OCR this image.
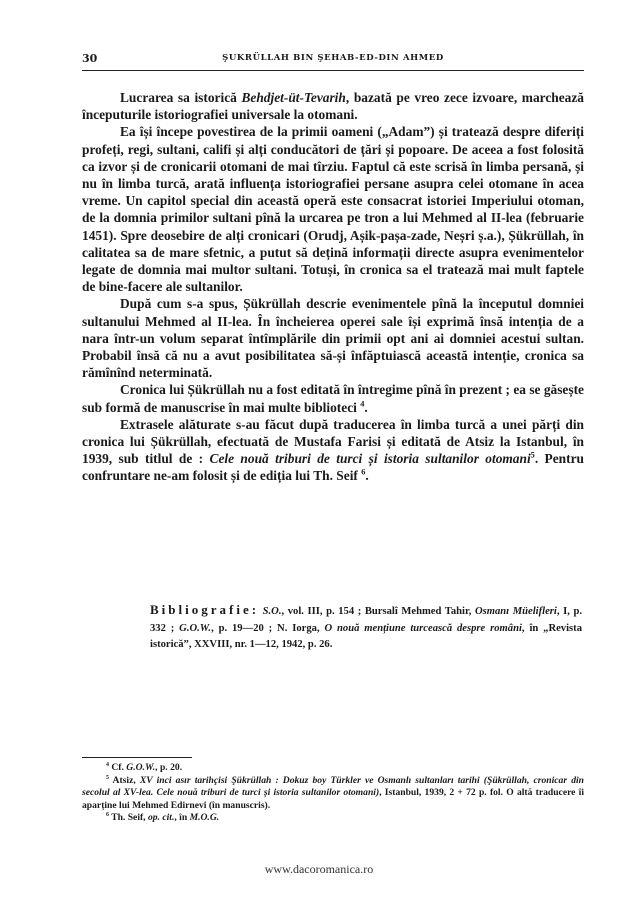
30	ŞUKRÜLLAH BIN ŞEHAB-ED-DIN AHMED

Lucrarea sa istorică Behdjet-üt-Tevarih, bazată pe vreo zece izvoare, marchează începuturile istoriografiei universale la otomani.

Ea își începe povestirea de la primii oameni („Adam”) și tratează despre diferiți profeți, regi, sultani, califi și alți conducători de țări și popoare. De aceea a fost folosită ca izvor și de cronicarii otomani de mai tîrziu. Faptul că este scrisă în limba persană, și nu în limba turcă, arată influența istoriografiei persane asupra celei otomane în acea vreme. Un capitol special din această operă este consacrat istoriei Imperiului otoman, de la domnia primilor sultani pînă la urcarea pe tron a lui Mehmed al II-lea (februarie 1451). Spre deosebire de alți cronicari (Orudj, Așik-pașa-zade, Neșri ș.a.), Șükrüllah, în calitatea sa de mare sfetnic, a putut să dețină informații directe asupra evenimentelor legate de domnia mai multor sultani. Totuși, în cronica sa el tratează mai mult faptele de bine-facere ale sultanilor.

După cum s-a spus, Șükrüllah descrie evenimentele pînă la începutul domniei sultanului Mehmed al II-lea. În încheierea operei sale își exprimă însă intenția de a nara într-un volum separat întîmplările din primii opt ani ai domniei acestui sultan. Probabil însă că nu a avut posibilitatea să-și înfăptuiască această intenție, cronica sa rămînînd neterminată.

Cronica lui Șükrüllah nu a fost editată în întregime pînă în prezent ; ea se găsește sub formă de manuscrise în mai multe biblioteci $^4$.

Extrasele alăturate s-au făcut după traducerea în limba turcă a unei părți din cronica lui Șükrüllah, efectuată de Mustafa Farisi și editată de Atsiz la Istanbul, în 1939, sub titlul de : Cele nouă triburi de turci și istoria sultanilor otomani$^5$. Pentru confruntare ne-am folosit și de ediția lui Th. Seif $^6$.

Bibliografie: S.O., vol. III, p. 154 ; Bursalî Mehmed Tahir, Osmanı Müelifleri, I, p. 332 ; G.O.W., p. 19—20 ; N. Iorga, O nouă mențiune turcească despre români, în „Revista istorică”, XXVIII, nr. 1—12, 1942, p. 26.

$^4$ Cf. G.O.W., p. 20.

$^5$ Atsiz, XV inci asır tarihçisi Şükrüllah : Dokuz boy Türkler ve Osmanlı sultanları tarihi (Şükrüllah, cronicar din secolul al XV-lea. Cele nouă triburi de turci și istoria sultanilor otomani), Istanbul, 1939, 2 + 72 p. fol. O altă traducere îi aparține lui Mehmed Edirnevi (în manuscris).

$^6$ Th. Seif, op. cit., în M.O.G.

www.dacoromanica.ro
